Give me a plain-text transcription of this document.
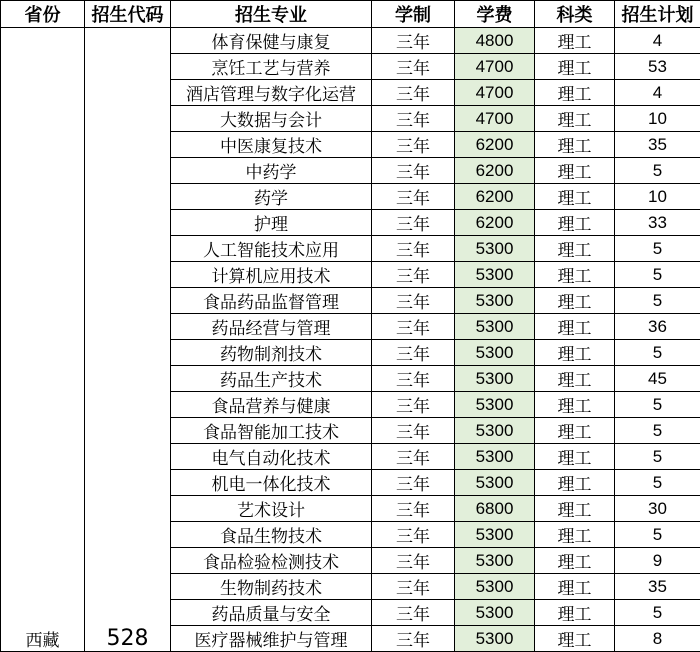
省份	招生代码	招生专业	学制	学费	科类	招生计划
西藏	528	体育保健与康复	三年	4800	理工	4
		烹饪工艺与营养	三年	4700	理工	53
		酒店管理与数字化运营	三年	4700	理工	4
		大数据与会计	三年	4700	理工	10
		中医康复技术	三年	6200	理工	35
		中药学	三年	6200	理工	5
		药学	三年	6200	理工	10
		护理	三年	6200	理工	33
		人工智能技术应用	三年	5300	理工	5
		计算机应用技术	三年	5300	理工	5
		食品药品监督管理	三年	5300	理工	5
		药品经营与管理	三年	5300	理工	36
		药物制剂技术	三年	5300	理工	5
		药品生产技术	三年	5300	理工	45
		食品营养与健康	三年	5300	理工	5
		食品智能加工技术	三年	5300	理工	5
		电气自动化技术	三年	5300	理工	5
		机电一体化技术	三年	5300	理工	5
		艺术设计	三年	6800	理工	30
		食品生物技术	三年	5300	理工	5
		食品检验检测技术	三年	5300	理工	9
		生物制药技术	三年	5300	理工	35
		药品质量与安全	三年	5300	理工	5
		医疗器械维护与管理	三年	5300	理工	8
